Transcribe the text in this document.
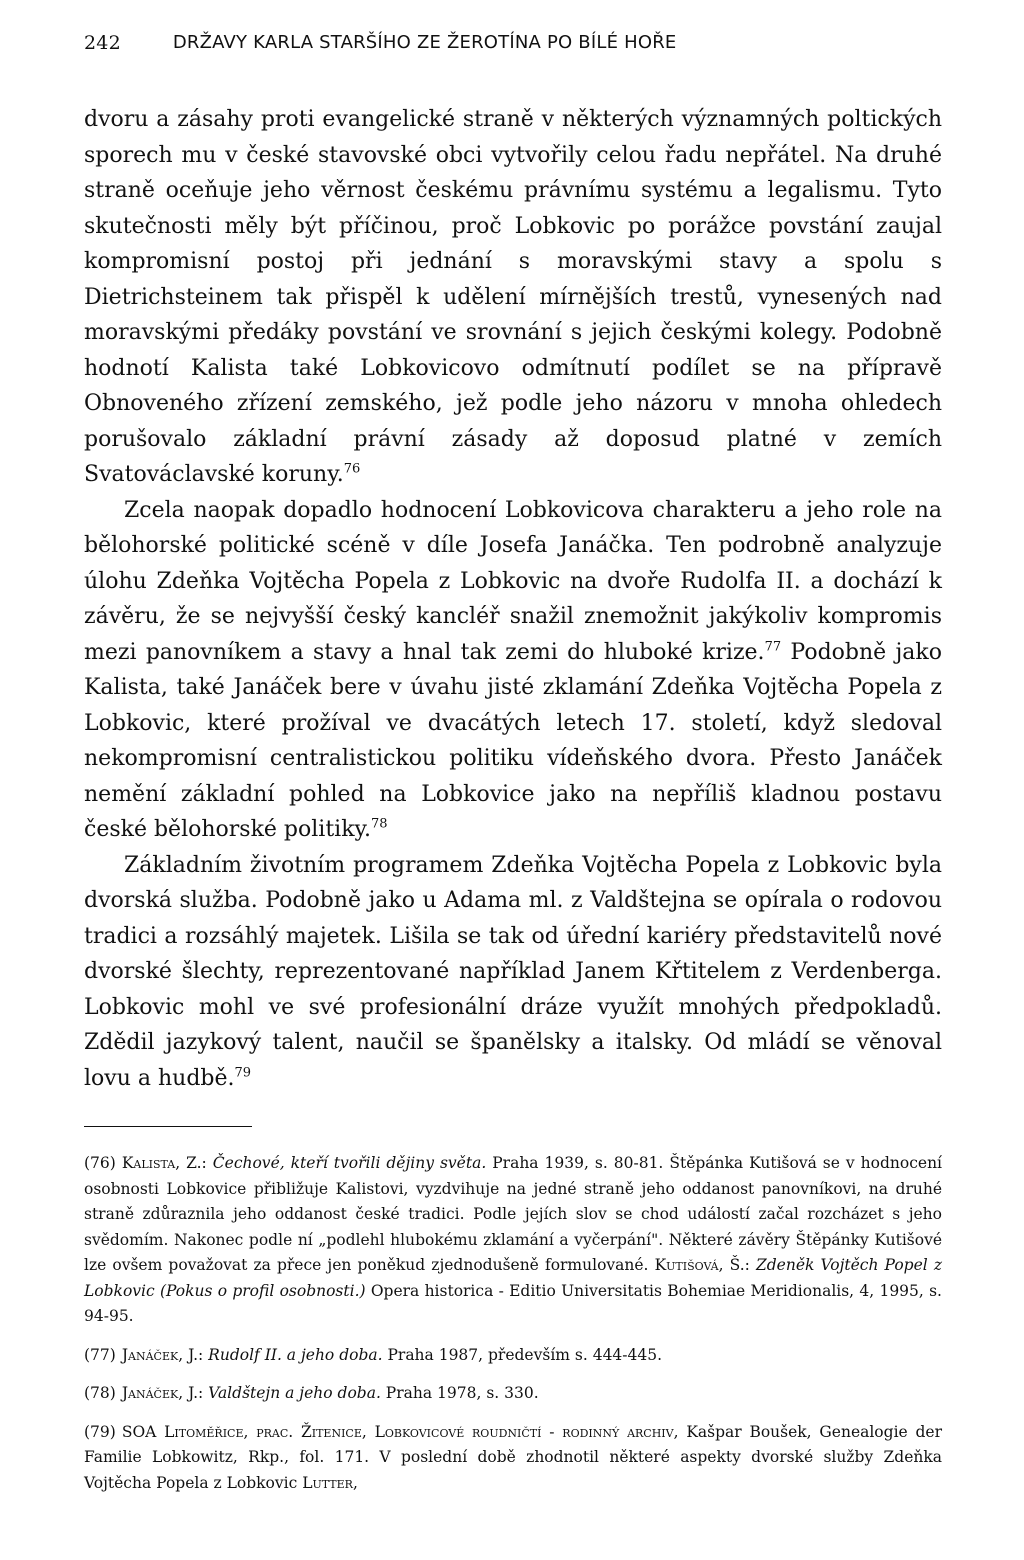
242	DRŽAVY KARLA STARŠÍHO ZE ŽEROTÍNA PO BÍLÉ HOŘE

dvoru a zásahy proti evangelické straně v některých významných poltických sporech mu v české stavovské obci vytvořily celou řadu nepřátel. Na druhé straně oceňuje jeho věrnost českému právnímu systému a legalismu. Tyto skutečnosti měly být příčinou, proč Lobkovic po porážce povstání zaujal kompromisní postoj při jednání s moravskými stavy a spolu s Dietrichsteinem tak přispěl k udělení mírnějších trestů, vynesených nad moravskými předáky povstání ve srovnání s jejich českými kolegy. Podobně hodnotí Kalista také Lobkovicovo odmítnutí podílet se na přípravě Obnoveného zřízení zemského, jež podle jeho názoru v mnoha ohledech porušovalo základní právní zásady až doposud platné v zemích Svatováclavské koruny.$^{76}$

Zcela naopak dopadlo hodnocení Lobkovicova charakteru a jeho role na bělohorské politické scéně v díle Josefa Janáčka. Ten podrobně analyzuje úlohu Zdeňka Vojtěcha Popela z Lobkovic na dvoře Rudolfa II. a dochází k závěru, že se nejvyšší český kancléř snažil znemožnit jakýkoliv kompromis mezi panovníkem a stavy a hnal tak zemi do hluboké krize.$^{77}$ Podobně jako Kalista, také Janáček bere v úvahu jisté zklamání Zdeňka Vojtěcha Popela z Lobkovic, které prožíval ve dvacátých letech 17. století, když sledoval nekompromisní centralistickou politiku vídeňského dvora. Přesto Janáček nemění základní pohled na Lobkovice jako na nepříliš kladnou postavu české bělohorské politiky.$^{78}$

Základním životním programem Zdeňka Vojtěcha Popela z Lobkovic byla dvorská služba. Podobně jako u Adama ml. z Valdštejna se opírala o rodovou tradici a rozsáhlý majetek. Lišila se tak od úřední kariéry představitelů nové dvorské šlechty, reprezentované například Janem Křtitelem z Verdenberga. Lobkovic mohl ve své profesionální dráze využít mnohých předpokladů. Zdědil jazykový talent, naučil se španělsky a italsky. Od mládí se věnoval lovu a hudbě.$^{79}$

(76) Kalista, Z.: Čechové, kteří tvořili dějiny světa. Praha 1939, s. 80-81. Štěpánka Kutišová se v hodnocení osobnosti Lobkovice přibližuje Kalistovi, vyzdvihuje na jedné straně jeho oddanost panovníkovi, na druhé straně zdůraznila jeho oddanost české tradici. Podle jejích slov se chod událostí začal rozcházet s jeho svědomím. Nakonec podle ní „podlehl hlubokému zklamání a vyčerpání". Některé závěry Štěpánky Kutišové lze ovšem považovat za přece jen poněkud zjednodušeně formulované. Kutišová, Š.: Zdeněk Vojtěch Popel z Lobkovic (Pokus o profil osobnosti.) Opera historica - Editio Universitatis Bohemiae Meridionalis, 4, 1995, s. 94-95.

(77) Janáček, J.: Rudolf II. a jeho doba. Praha 1987, především s. 444-445.

(78) Janáček, J.: Valdštejn a jeho doba. Praha 1978, s. 330.

(79) SOA Litoměřice, prac. Žitenice, Lobkovicové roudničtí - rodinný archiv, Kašpar Boušek, Genealogie der Familie Lobkowitz, Rkp., fol. 171. V poslední době zhodnotil některé aspekty dvorské služby Zdeňka Vojtěcha Popela z Lobkovic Lutter,
